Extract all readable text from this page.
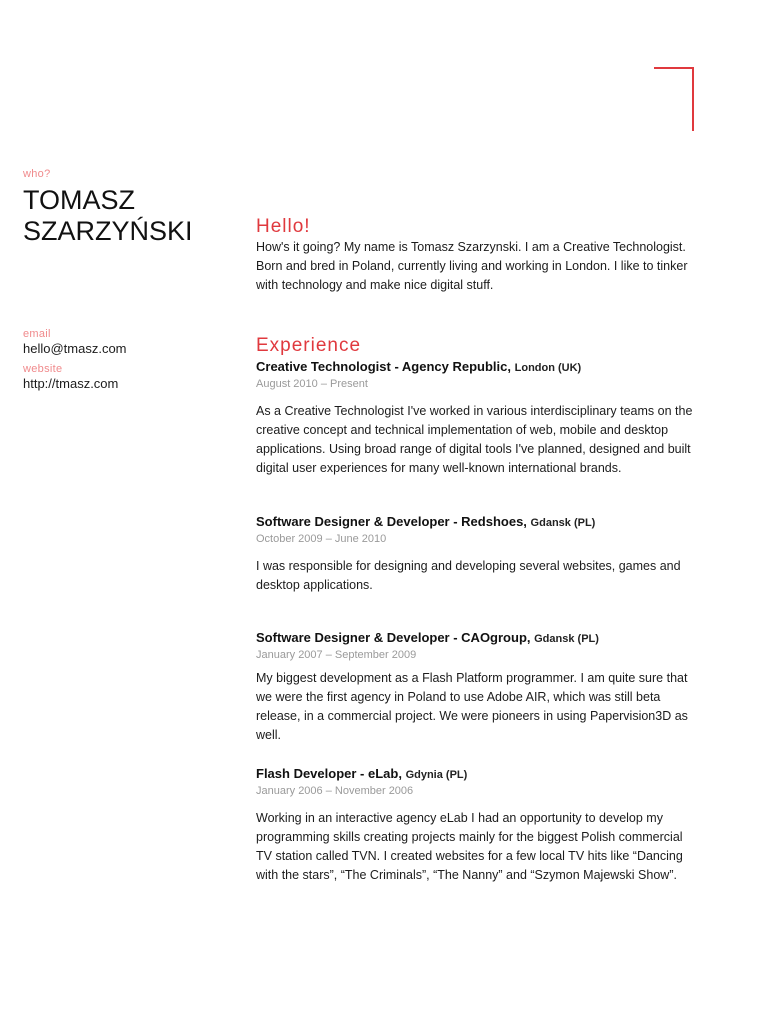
who?
TOMASZ
SZARZYŃSKI
email
hello@tmasz.com
website
http://tmasz.com
Hello!

How's it going? My name is Tomasz Szarzynski. I am a Creative Technologist. Born and bred in Poland, currently living and working in London. I like to tinker with technology and make nice digital stuff.

Experience
Creative Technologist - Agency Republic, London (UK)
August 2010 – Present

As a Creative Technologist I've worked in various interdisciplinary teams on the creative concept and technical implementation of web, mobile and desktop applications. Using broad range of digital tools I've planned, designed and built digital user experiences for many well-known international brands.

Software Designer & Developer - Redshoes, Gdansk (PL)
October 2009 – June 2010

I was responsible for designing and developing several websites, games and desktop applications.

Software Designer & Developer - CAOgroup, Gdansk (PL)
January 2007 – September 2009

My biggest development as a Flash Platform programmer. I am quite sure that we were the first agency in Poland to use Adobe AIR, which was still beta release, in a commercial project. We were pioneers in using Papervision3D as well.

Flash Developer - eLab, Gdynia (PL)
January 2006 – November 2006

Working in an interactive agency eLab I had an opportunity to develop my programming skills creating projects mainly for the biggest Polish commercial TV station called TVN. I created websites for a few local TV hits like “Dancing with the stars”, “The Criminals”, “The Nanny” and “Szymon Majewski Show”.
